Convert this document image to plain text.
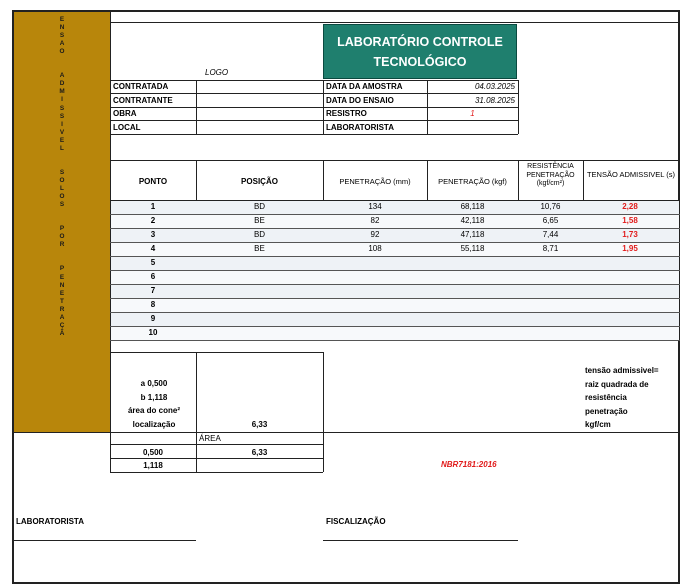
E
N
S
A
O
A
D
M
I
S
S
I
V
E
L
S
O
L
O
S
P
O
R
P
E
N
E
T
R
A
Ç
Ã
LABORATÓRIO CONTROLE TECNOLÓGICO
LOGO
CONTRATADA
CONTRATANTE
OBRA
LOCAL
DATA DA AMOSTRA	04.03.2025
DATA DO ENSAIO	31.08.2025
RESISTRO	1
LABORATORISTA
PONTO	POSIÇÃO	PENETRAÇÃO (mm)	PENETRAÇÃO (kgf)
RESISTÊNCIA PENETRAÇÃO (kgf/cm²)
TENSÃO ADMISSIVEL (s)
1	BD	134	68,118	10,76	2,28
2	BE	82	42,118	6,65	1,58
3	BD	92	47,118	7,44	1,73
4	BE	108	55,118	8,71	1,95
5
6
7
8
9
10
a 0,500
b 1,118
área do cone²
localização	6,33
ÁREA
0,500	6,33
1,118
tensão admissivel=
raiz quadrada de
resistência
penetração
kgf/cm
NBR7181:2016
LABORATORISTA	FISCALIZAÇÃO
